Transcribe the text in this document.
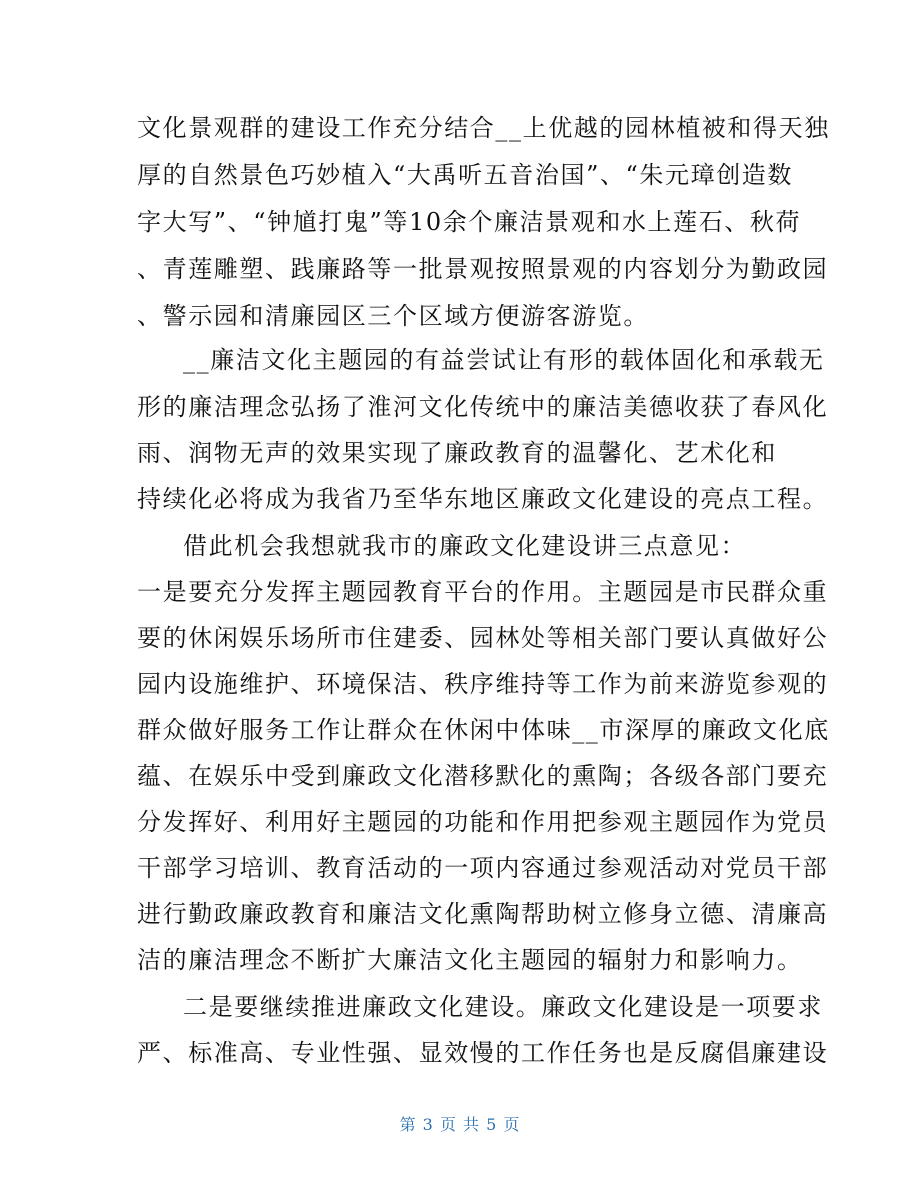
文化景观群的建设工作充分结合__上优越的园林植被和得天独
厚的自然景色巧妙植入“大禹听五音治国”、“朱元璋创造数
字大写”、“钟馗打鬼”等10余个廉洁景观和水上莲石、秋荷
、青莲雕塑、践廉路等一批景观按照景观的内容划分为勤政园
、警示园和清廉园区三个区域方便游客游览。
__廉洁文化主题园的有益尝试让有形的载体固化和承载无
形的廉洁理念弘扬了淮河文化传统中的廉洁美德收获了春风化
雨、润物无声的效果实现了廉政教育的温馨化、艺术化和
持续化必将成为我省乃至华东地区廉政文化建设的亮点工程。
借此机会我想就我市的廉政文化建设讲三点意见：
一是要充分发挥主题园教育平台的作用。主题园是市民群众重
要的休闲娱乐场所市住建委、园林处等相关部门要认真做好公
园内设施维护、环境保洁、秩序维持等工作为前来游览参观的
群众做好服务工作让群众在休闲中体味__市深厚的廉政文化底
蕴、在娱乐中受到廉政文化潜移默化的熏陶；各级各部门要充
分发挥好、利用好主题园的功能和作用把参观主题园作为党员
干部学习培训、教育活动的一项内容通过参观活动对党员干部
进行勤政廉政教育和廉洁文化熏陶帮助树立修身立德、清廉高
洁的廉洁理念不断扩大廉洁文化主题园的辐射力和影响力。
二是要继续推进廉政文化建设。廉政文化建设是一项要求
严、标准高、专业性强、显效慢的工作任务也是反腐倡廉建设
第 3 页 共 5 页
